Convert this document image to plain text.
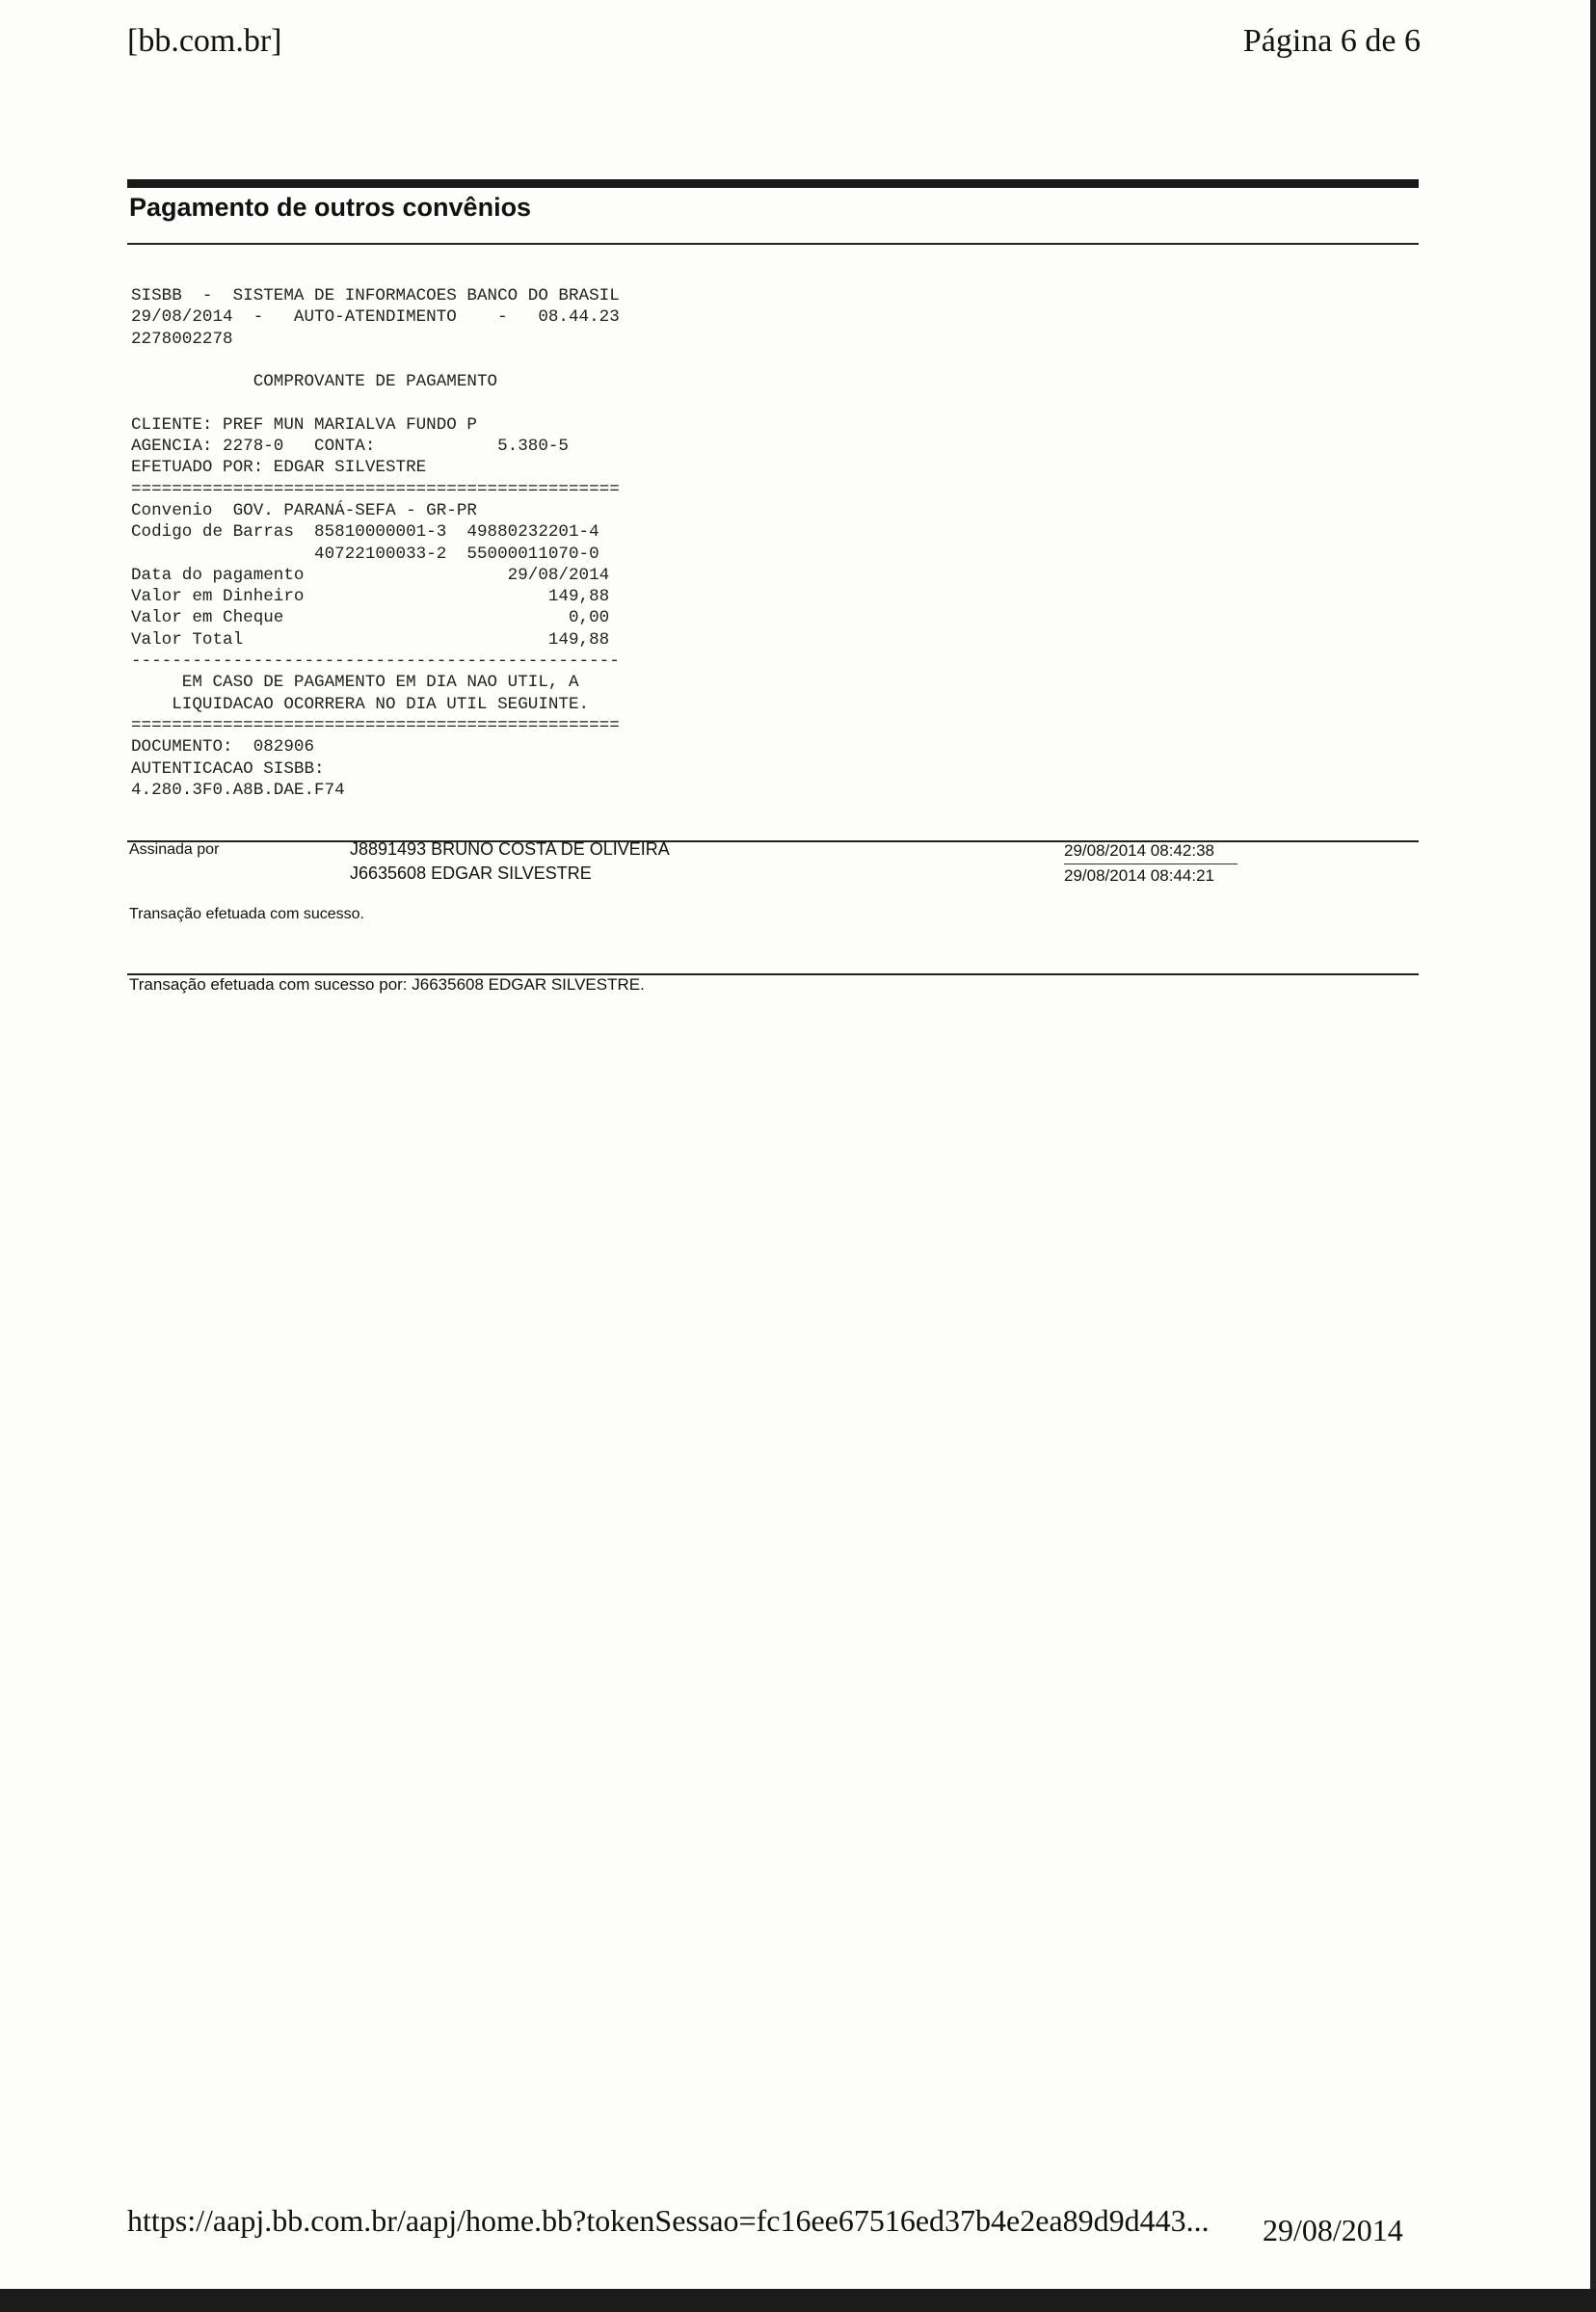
[bb.com.br]	Página 6 de 6
Pagamento de outros convênios
SISBB  -  SISTEMA DE INFORMACOES BANCO DO BRASIL
29/08/2014  -   AUTO-ATENDIMENTO    -   08.44.23
2278002278

COMPROVANTE DE PAGAMENTO

CLIENTE: PREF MUN MARIALVA FUNDO P
AGENCIA: 2278-0   CONTA:            5.380-5
EFETUADO POR: EDGAR SILVESTRE
================================================
Convenio  GOV. PARANÁ-SEFA - GR-PR
Codigo de Barras  85810000001-3  49880232201-4
40722100033-2  55000011070-0
Data do pagamento                    29/08/2014
Valor em Dinheiro                        149,88
Valor em Cheque                            0,00
Valor Total                              149,88
------------------------------------------------
EM CASO DE PAGAMENTO EM DIA NAO UTIL, A
LIQUIDACAO OCORRERA NO DIA UTIL SEGUINTE.
================================================
DOCUMENTO:  082906
AUTENTICACAO SISBB:
4.280.3F0.A8B.DAE.F74
Assinada por	J8891493 BRUNO COSTA DE OLIVEIRA	29/08/2014 08:42:38
J6635608 EDGAR SILVESTRE	29/08/2014 08:44:21
Transação efetuada com sucesso.
Transação efetuada com sucesso por: J6635608 EDGAR SILVESTRE.
https://aapj.bb.com.br/aapj/home.bb?tokenSessao=fc16ee67516ed37b4e2ea89d9d443... 29/08/2014
